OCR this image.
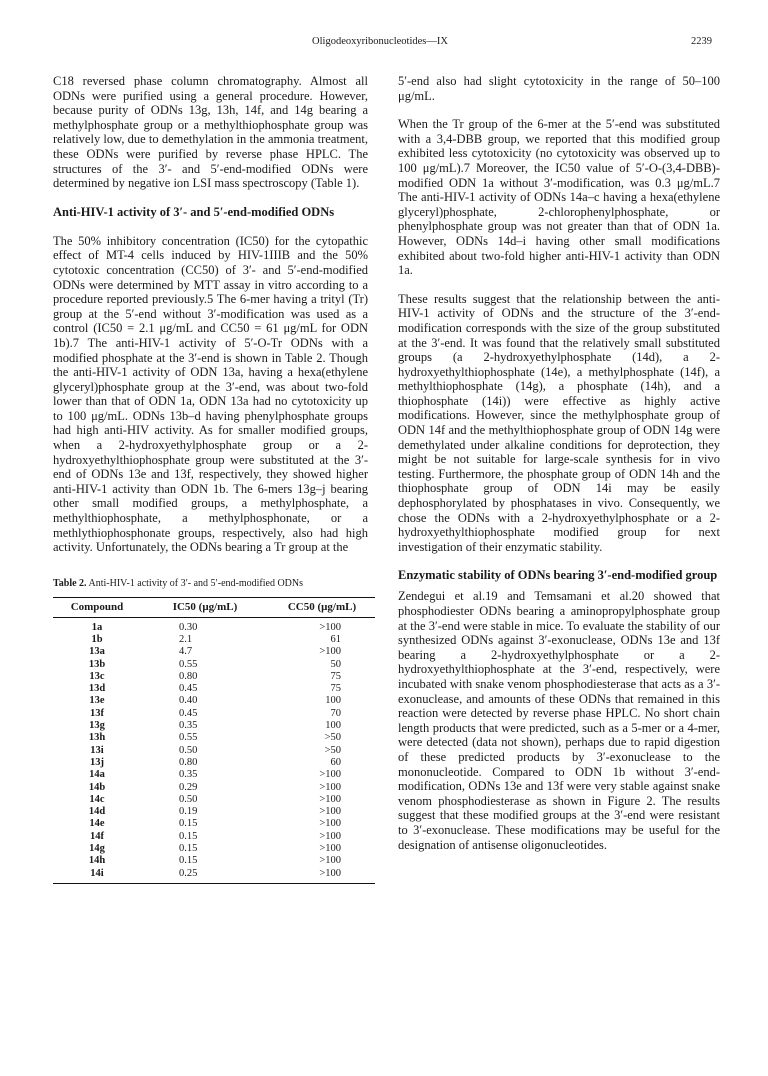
Oligodeoxyribonucleotides—IX	2239

C18 reversed phase column chromatography. Almost all ODNs were purified using a general procedure. However, because purity of ODNs 13g, 13h, 14f, and 14g bearing a methylphosphate group or a methylthiophosphate group was relatively low, due to demethylation in the ammonia treatment, these ODNs were purified by reverse phase HPLC. The structures of the 3′- and 5′-end-modified ODNs were determined by negative ion LSI mass spectroscopy (Table 1).

Anti-HIV-1 activity of 3′- and 5′-end-modified ODNs

The 50% inhibitory concentration (IC50) for the cytopathic effect of MT-4 cells induced by HIV-1IIIB and the 50% cytotoxic concentration (CC50) of 3′- and 5′-end-modified ODNs were determined by MTT assay in vitro according to a procedure reported previously.5 The 6-mer having a trityl (Tr) group at the 5′-end without 3′-modification was used as a control (IC50 = 2.1 μg/mL and CC50 = 61 μg/mL for ODN 1b).7 The anti-HIV-1 activity of 5′-O-Tr ODNs with a modified phosphate at the 3′-end is shown in Table 2. Though the anti-HIV-1 activity of ODN 13a, having a hexa(ethylene glyceryl)phosphate group at the 3′-end, was about two-fold lower than that of ODN 1a, ODN 13a had no cytotoxicity up to 100 μg/mL. ODNs 13b–d having phenylphosphate groups had high anti-HIV activity. As for smaller modified groups, when a 2-hydroxyethylphosphate group or a 2-hydroxyethylthiophosphate group were substituted at the 3′-end of ODNs 13e and 13f, respectively, they showed higher anti-HIV-1 activity than ODN 1b. The 6-mers 13g–j bearing other small modified groups, a methylphosphate, a methylthiophosphate, a methylphosphonate, or a methlythiophosphonate groups, respectively, also had high activity. Unfortunately, the ODNs bearing a Tr group at the

Table 2. Anti-HIV-1 activity of 3′- and 5′-end-modified ODNs
Compound	IC50 (μg/mL)	CC50 (μg/mL)
1a	0.30	>100
1b	2.1	61
13a	4.7	>100
13b	0.55	50
13c	0.80	75
13d	0.45	75
13e	0.40	100
13f	0.45	70
13g	0.35	100
13h	0.55	>50
13i	0.50	>50
13j	0.80	60
14a	0.35	>100
14b	0.29	>100
14c	0.50	>100
14d	0.19	>100
14e	0.15	>100
14f	0.15	>100
14g	0.15	>100
14h	0.15	>100
14i	0.25	>100

5′-end also had slight cytotoxicity in the range of 50–100 μg/mL.

When the Tr group of the 6-mer at the 5′-end was substituted with a 3,4-DBB group, we reported that this modified group exhibited less cytotoxicity (no cytotoxicity was observed up to 100 μg/mL).7 Moreover, the IC50 value of 5′-O-(3,4-DBB)-modified ODN 1a without 3′-modification, was 0.3 μg/mL.7 The anti-HIV-1 activity of ODNs 14a–c having a hexa(ethylene glyceryl)phosphate, 2-chlorophenylphosphate, or phenylphosphate group was not greater than that of ODN 1a. However, ODNs 14d–i having other small modifications exhibited about two-fold higher anti-HIV-1 activity than ODN 1a.

These results suggest that the relationship between the anti-HIV-1 activity of ODNs and the structure of the 3′-end-modification corresponds with the size of the group substituted at the 3′-end. It was found that the relatively small substituted groups (a 2-hydroxyethylphosphate (14d), a 2-hydroxyethylthiophosphate (14e), a methylphosphate (14f), a methylthiophosphate (14g), a phosphate (14h), and a thiophosphate (14i)) were effective as highly active modifications. However, since the methylphosphate group of ODN 14f and the methylthiophosphate group of ODN 14g were demethylated under alkaline conditions for deprotection, they might be not suitable for large-scale synthesis for in vivo testing. Furthermore, the phosphate group of ODN 14h and the thiophosphate group of ODN 14i may be easily dephosphorylated by phosphatases in vivo. Consequently, we chose the ODNs with a 2-hydroxyethylphosphate or a 2-hydroxyethylthiophosphate modified group for next investigation of their enzymatic stability.

Enzymatic stability of ODNs bearing 3′-end-modified group

Zendegui et al.19 and Temsamani et al.20 showed that phosphodiester ODNs bearing a aminopropylphosphate group at the 3′-end were stable in mice. To evaluate the stability of our synthesized ODNs against 3′-exonuclease, ODNs 13e and 13f bearing a 2-hydroxyethylphosphate or a 2-hydroxyethylthiophosphate at the 3′-end, respectively, were incubated with snake venom phosphodiesterase that acts as a 3′-exonuclease, and amounts of these ODNs that remained in this reaction were detected by reverse phase HPLC. No short chain length products that were predicted, such as a 5-mer or a 4-mer, were detected (data not shown), perhaps due to rapid digestion of these predicted products by 3′-exonuclease to the mononucleotide. Compared to ODN 1b without 3′-end-modification, ODNs 13e and 13f were very stable against snake venom phosphodiesterase as shown in Figure 2. The results suggest that these modified groups at the 3′-end were resistant to 3′-exonuclease. These modifications may be useful for the designation of antisense oligonucleotides.
